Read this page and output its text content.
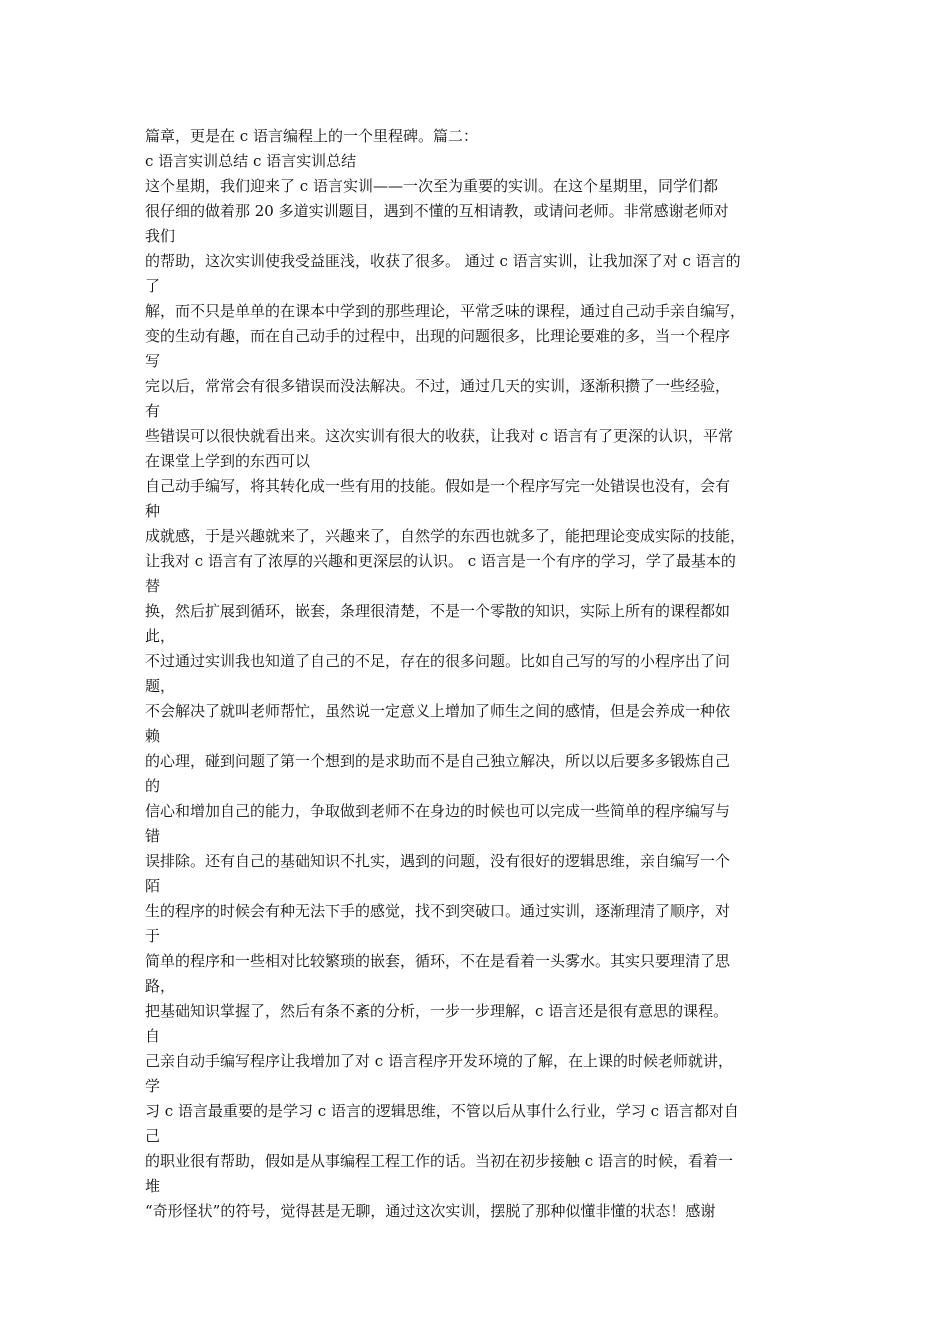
篇章，更是在 c 语言编程上的一个里程碑。篇二：

c 语言实训总结 c 语言实训总结

这个星期，我们迎来了 c 语言实训——一次至为重要的实训。在这个星期里，同学们都

很仔细的做着那 20 多道实训题目，遇到不懂的互相请教，或请问老师。非常感谢老师对

我们

的帮助，这次实训使我受益匪浅，收获了很多。 通过 c 语言实训，让我加深了对 c 语言的

了

解，而不只是单单的在课本中学到的那些理论，平常乏味的课程，通过自己动手亲自编写，

变的生动有趣，而在自己动手的过程中，出现的问题很多，比理论要难的多，当一个程序

写

完以后，常常会有很多错误而没法解决。不过，通过几天的实训，逐渐积攒了一些经验，

有

些错误可以很快就看出来。这次实训有很大的收获，让我对 c 语言有了更深的认识，平常

在课堂上学到的东西可以

自己动手编写，将其转化成一些有用的技能。假如是一个程序写完一处错误也没有，会有

种

成就感，于是兴趣就来了，兴趣来了，自然学的东西也就多了，能把理论变成实际的技能，

让我对 c 语言有了浓厚的兴趣和更深层的认识。 c 语言是一个有序的学习，学了最基本的

替

换，然后扩展到循环，嵌套，条理很清楚，不是一个零散的知识，实际上所有的课程都如

此，

不过通过实训我也知道了自己的不足，存在的很多问题。比如自己写的写的小程序出了问

题，

不会解决了就叫老师帮忙，虽然说一定意义上增加了师生之间的感情，但是会养成一种依

赖

的心理，碰到问题了第一个想到的是求助而不是自己独立解决，所以以后要多多锻炼自己

的

信心和增加自己的能力，争取做到老师不在身边的时候也可以完成一些简单的程序编写与

错

误排除。还有自己的基础知识不扎实，遇到的问题，没有很好的逻辑思维，亲自编写一个

陌

生的程序的时候会有种无法下手的感觉，找不到突破口。通过实训，逐渐理清了顺序，对

于

简单的程序和一些相对比较繁琐的嵌套，循环，不在是看着一头雾水。其实只要理清了思

路，

把基础知识掌握了，然后有条不紊的分析，一步一步理解，c 语言还是很有意思的课程。

自

己亲自动手编写程序让我增加了对 c 语言程序开发环境的了解，在上课的时候老师就讲，

学

习 c 语言最重要的是学习 c 语言的逻辑思维，不管以后从事什么行业，学习 c 语言都对自

己

的职业很有帮助，假如是从事编程工程工作的话。当初在初步接触 c 语言的时候，看着一

堆

“奇形怪状”的符号，觉得甚是无聊，通过这次实训，摆脱了那种似懂非懂的状态！感谢
